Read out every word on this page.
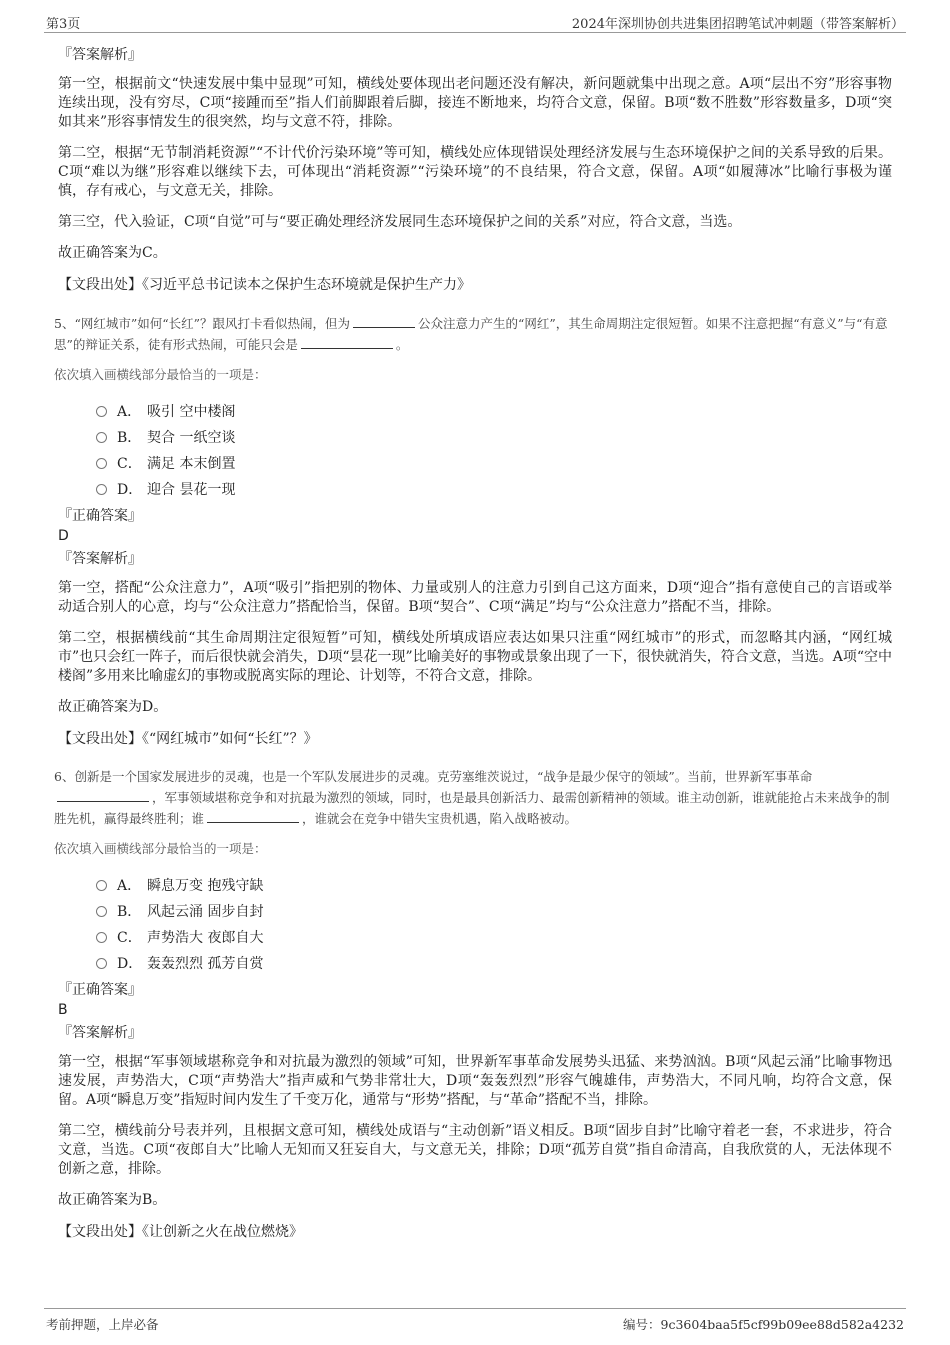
第3页	2024年深圳协创共进集团招聘笔试冲刺题（带答案解析）
『答案解析』

第一空，根据前文“快速发展中集中显现”可知，横线处要体现出老问题还没有解决，新问题就集中出现之意。A项“层出不穷”形容事物连续出现，没有穷尽，C项“接踵而至”指人们前脚跟着后脚，接连不断地来，均符合文意，保留。B项“数不胜数”形容数量多，D项“突如其来”形容事情发生的很突然，均与文意不符，排除。

第二空，根据“无节制消耗资源”“不计代价污染环境”等可知，横线处应体现错误处理经济发展与生态环境保护之间的关系导致的后果。C项“难以为继”形容难以继续下去，可体现出“消耗资源”“污染环境”的不良结果，符合文意，保留。A项“如履薄冰”比喻行事极为谨慎，存有戒心，与文意无关，排除。

第三空，代入验证，C项“自觉”可与“要正确处理经济发展同生态环境保护之间的关系”对应，符合文意，当选。

故正确答案为C。

【文段出处】《习近平总书记读本之保护生态环境就是保护生产力》
5、“网红城市”如何“长红”？跟风打卡看似热闹，但为	公众注意力产生的“网红”，其生命周期注定很短暂。如果不注意把握“有意义”与“有意思”的辩证关系，徒有形式热闹，可能只会是	。
依次填入画横线部分最恰当的一项是：
A． 吸引 空中楼阁
B． 契合 一纸空谈
C． 满足 本末倒置
D． 迎合 昙花一现
『正确答案』
D
『答案解析』

第一空，搭配“公众注意力”，A项“吸引”指把别的物体、力量或别人的注意力引到自己这方面来，D项“迎合”指有意使自己的言语或举动适合别人的心意，均与“公众注意力”搭配恰当，保留。B项“契合”、C项“满足”均与“公众注意力”搭配不当，排除。

第二空，根据横线前“其生命周期注定很短暂”可知，横线处所填成语应表达如果只注重“网红城市”的形式，而忽略其内涵，“网红城市”也只会红一阵子，而后很快就会消失，D项“昙花一现”比喻美好的事物或景象出现了一下，很快就消失，符合文意，当选。A项“空中楼阁”多用来比喻虚幻的事物或脱离实际的理论、计划等，不符合文意，排除。

故正确答案为D。

【文段出处】《“网红城市”如何“长红”？》
6、创新是一个国家发展进步的灵魂，也是一个军队发展进步的灵魂。克劳塞维茨说过，“战争是最少保守的领域”。当前，世界新军事革命，军事领域堪称竞争和对抗最为激烈的领域，同时，也是最具创新活力、最需创新精神的领域。谁主动创新，谁就能抢占未来战争的制胜先机，赢得最终胜利；谁	，谁就会在竞争中错失宝贵机遇，陷入战略被动。
依次填入画横线部分最恰当的一项是：
A． 瞬息万变 抱残守缺
B． 风起云涌 固步自封
C． 声势浩大 夜郎自大
D． 轰轰烈烈 孤芳自赏
『正确答案』
B
『答案解析』

第一空，根据“军事领域堪称竞争和对抗最为激烈的领域”可知，世界新军事革命发展势头迅猛、来势汹汹。B项“风起云涌”比喻事物迅速发展，声势浩大，C项“声势浩大”指声威和气势非常壮大，D项“轰轰烈烈”形容气魄雄伟，声势浩大，不同凡响，均符合文意，保留。A项“瞬息万变”指短时间内发生了千变万化，通常与“形势”搭配，与“革命”搭配不当，排除。

第二空，横线前分号表并列，且根据文意可知，横线处成语与“主动创新”语义相反。B项“固步自封”比喻守着老一套，不求进步，符合文意，当选。C项“夜郎自大”比喻人无知而又狂妄自大，与文意无关，排除；D项“孤芳自赏”指自命清高，自我欣赏的人，无法体现不创新之意，排除。

故正确答案为B。

【文段出处】《让创新之火在战位燃烧》
考前押题，上岸必备	编号：9c3604baa5f5cf99b09ee88d582a4232
